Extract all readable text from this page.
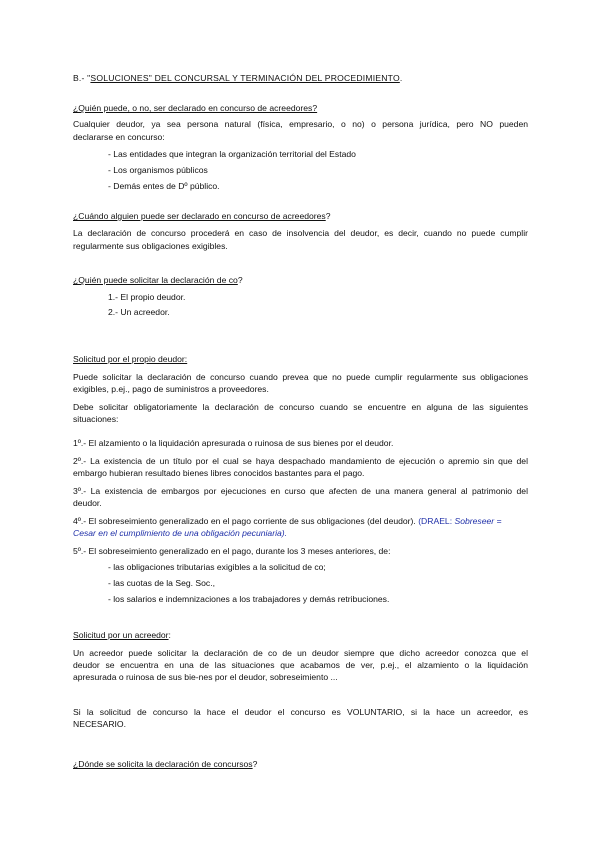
B.- "SOLUCIONES" DEL CONCURSAL Y TERMINACIÓN DEL PROCEDIMIENTO.
¿Quién puede, o no, ser declarado en concurso de acreedores?
Cualquier deudor, ya sea persona natural (física, empresario, o no) o persona jurídica, pero NO pueden
declararse en concurso:
- Las entidades que integran la organización territorial del Estado
- Los organismos públicos
- Demás entes de Dº público.
¿Cuándo alguien puede ser declarado en concurso de acreedores?
La declaración de concurso procederá en caso de insolvencia del deudor, es decir, cuando no puede cumplir
regularmente sus obligaciones exigibles.
¿Quién puede solicitar la declaración de co?
1.- El propio deudor.
2.- Un acreedor.
Solicitud por el propio deudor:
Puede solicitar la declaración de concurso cuando prevea que no puede cumplir regularmente sus obligaciones
exigibles, p.ej., pago de suministros a proveedores.
Debe solicitar obligatoriamente la declaración de concurso cuando se encuentre en alguna de las siguientes
situaciones:
1º.- El alzamiento o la liquidación apresurada o ruinosa de sus bienes por el deudor.
2º.- La existencia de un título por el cual se haya despachado mandamiento de ejecución o apremio sin que del
embargo hubieran resultado bienes libres conocidos bastantes para el pago.
3º.- La existencia de embargos por ejecuciones en curso que afecten de una manera general al patrimonio del
deudor.
4º.- El sobreseimiento generalizado en el pago corriente de sus obligaciones (del deudor). (DRAEL: Sobreseer =
Cesar en el cumplimiento de una obligación pecuniaria).
5º.- El sobreseimiento generalizado en el pago, durante los 3 meses anteriores, de:
- las obligaciones tributarias exigibles a la solicitud de co;
- las cuotas de la Seg. Soc.,
- los salarios e indemnizaciones a los trabajadores y demás retribuciones.
Solicitud por un acreedor:
Un acreedor puede solicitar la declaración de co de un deudor siempre que dicho acreedor conozca que el
deudor se encuentra en una de las situaciones que acabamos de ver, p.ej., el alzamiento o la liquidación
apresurada o ruinosa de sus bie-nes por el deudor, sobreseimiento ...
Si la solicitud de concurso la hace el deudor el concurso es VOLUNTARIO, si la hace un acreedor, es
NECESARIO.
¿Dónde se solicita la declaración de concursos?
